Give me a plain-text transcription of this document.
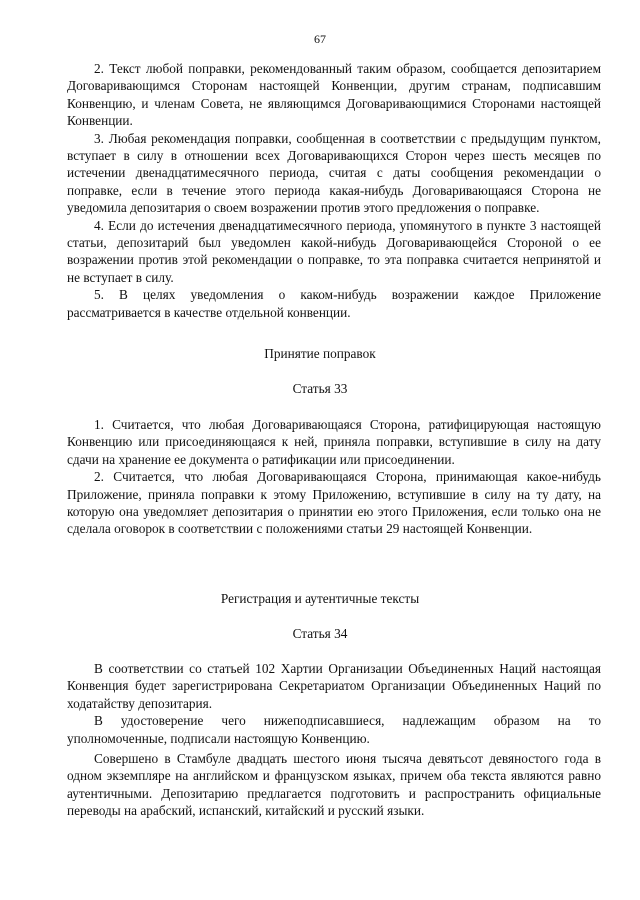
67

2. Текст любой поправки, рекомендованный таким образом, сообщается депозитарием Договаривающимся Сторонам настоящей Конвенции, другим странам, подписавшим Конвенцию, и членам Совета, не являющимся Договаривающимися Сторонами настоящей Конвенции.

3. Любая рекомендация поправки, сообщенная в соответствии с предыдущим пунктом, вступает в силу в отношении всех Договаривающихся Сторон через шесть месяцев по истечении двенадцатимесячного периода, считая с даты сообщения рекомендации о поправке, если в течение этого периода какая-нибудь Договаривающаяся Сторона не уведомила депозитария о своем возражении против этого предложения о поправке.

4. Если до истечения двенадцатимесячного периода, упомянутого в пункте 3 настоящей статьи, депозитарий был уведомлен какой-нибудь Договаривающейся Стороной о ее возражении против этой рекомендации о поправке, то эта поправка считается непринятой и не вступает в силу.

5. В целях уведомления о каком-нибудь возражении каждое Приложение рассматривается в качестве отдельной конвенции.

Принятие поправок

Статья 33

1. Считается, что любая Договаривающаяся Сторона, ратифицирующая настоящую Конвенцию или присоединяющаяся к ней, приняла поправки, вступившие в силу на дату сдачи на хранение ее документа о ратификации или присоединении.

2. Считается, что любая Договаривающаяся Сторона, принимающая какое-нибудь Приложение, приняла поправки к этому Приложению, вступившие в силу на ту дату, на которую она уведомляет депозитария о принятии ею этого Приложения, если только она не сделала оговорок в соответствии с положениями статьи 29 настоящей Конвенции.

Регистрация и аутентичные тексты

Статья 34

В соответствии со статьей 102 Хартии Организации Объединенных Наций настоящая Конвенция будет зарегистрирована Секретариатом Организации Объединенных Наций по ходатайству депозитария.

В удостоверение чего нижеподписавшиеся, надлежащим образом на то уполномоченные, подписали настоящую Конвенцию.

Совершено в Стамбуле двадцать шестого июня тысяча девятьсот девяностого года в одном экземпляре на английском и французском языках, причем оба текста являются равно аутентичными. Депозитарию предлагается подготовить и распространить официальные переводы на арабский, испанский, китайский и русский языки.
